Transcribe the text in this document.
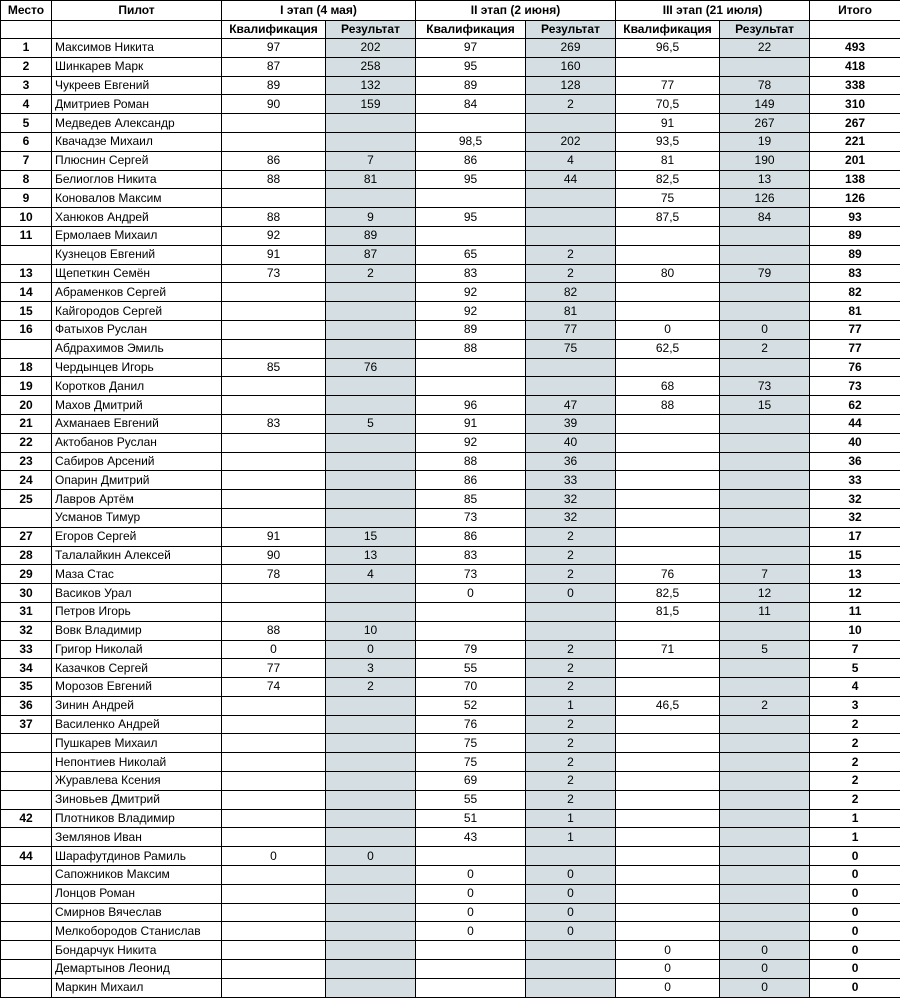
Место	Пилот	I этап (4 мая)		II этап (2 июня)		III этап (21 июля)		Итого
		Квалификация	Результат	Квалификация	Результат	Квалификация	Результат	
1	Максимов Никита	97	202	97	269	96,5	22	493
2	Шинкарев Марк	87	258	95	160			418
3	Чукреев Евгений	89	132	89	128	77	78	338
4	Дмитриев Роман	90	159	84	2	70,5	149	310
5	Медведев Александр					91	267	267
6	Квачадзе Михаил			98,5	202	93,5	19	221
7	Плюснин Сергей	86	7	86	4	81	190	201
8	Белиоглов Никита	88	81	95	44	82,5	13	138
9	Коновалов Максим					75	126	126
10	Ханюков Андрей	88	9	95		87,5	84	93
11	Ермолаев Михаил	92	89					89
	Кузнецов Евгений	91	87	65	2			89
13	Щепеткин Семён	73	2	83	2	80	79	83
14	Абраменков Сергей			92	82			82
15	Кайгородов Сергей			92	81			81
16	Фатыхов Руслан			89	77	0	0	77
	Абдрахимов Эмиль			88	75	62,5	2	77
18	Чердынцев Игорь	85	76					76
19	Коротков Данил					68	73	73
20	Махов Дмитрий			96	47	88	15	62
21	Ахманаев Евгений	83	5	91	39			44
22	Актобанов Руслан			92	40			40
23	Сабиров Арсений			88	36			36
24	Опарин Дмитрий			86	33			33
25	Лавров Артём			85	32			32
	Усманов Тимур			73	32			32
27	Егоров Сергей	91	15	86	2			17
28	Талалайкин Алексей	90	13	83	2			15
29	Маза Стас	78	4	73	2	76	7	13
30	Васиков Урал			0	0	82,5	12	12
31	Петров Игорь					81,5	11	11
32	Вовк Владимир	88	10					10
33	Григор Николай	0	0	79	2	71	5	7
34	Казачков Сергей	77	3	55	2			5
35	Морозов Евгений	74	2	70	2			4
36	Зинин Андрей			52	1	46,5	2	3
37	Василенко Андрей			76	2			2
	Пушкарев Михаил			75	2			2
	Непонтиев Николай			75	2			2
	Журавлева Ксения			69	2			2
	Зиновьев Дмитрий			55	2			2
42	Плотников Владимир			51	1			1
	Землянов Иван			43	1			1
44	Шарафутдинов Рамиль	0	0					0
	Сапожников Максим			0	0			0
	Лонцов Роман			0	0			0
	Смирнов Вячеслав			0	0			0
	Мелкобородов Станислав			0	0			0
	Бондарчук Никита					0	0	0
	Демартынов Леонид					0	0	0
	Маркин Михаил					0	0	0
